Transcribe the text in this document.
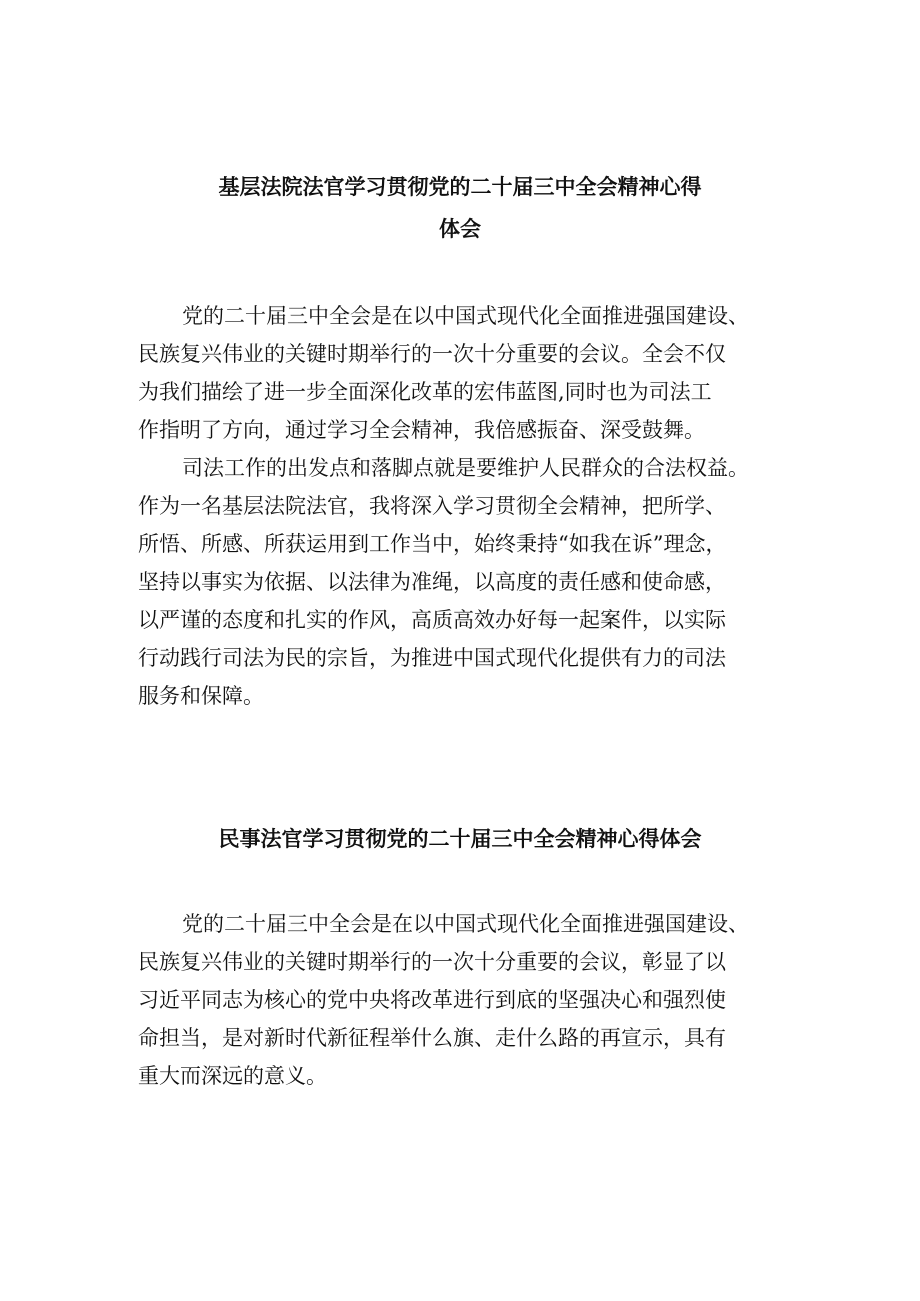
基层法院法官学习贯彻党的二十届三中全会精神心得
体会
党的二十届三中全会是在以中国式现代化全面推进强国建设、
民族复兴伟业的关键时期举行的一次十分重要的会议。全会不仅
为我们描绘了进一步全面深化改革的宏伟蓝图,同时也为司法工
作指明了方向，通过学习全会精神，我倍感振奋、深受鼓舞。
司法工作的出发点和落脚点就是要维护人民群众的合法权益。
作为一名基层法院法官，我将深入学习贯彻全会精神，把所学、
所悟、所感、所获运用到工作当中，始终秉持“如我在诉”理念，
坚持以事实为依据、以法律为准绳，以高度的责任感和使命感，
以严谨的态度和扎实的作风，高质高效办好每一起案件，以实际
行动践行司法为民的宗旨，为推进中国式现代化提供有力的司法
服务和保障。
民事法官学习贯彻党的二十届三中全会精神心得体会
党的二十届三中全会是在以中国式现代化全面推进强国建设、
民族复兴伟业的关键时期举行的一次十分重要的会议，彰显了以
习近平同志为核心的党中央将改革进行到底的坚强决心和强烈使
命担当，是对新时代新征程举什么旗、走什么路的再宣示，具有
重大而深远的意义。
